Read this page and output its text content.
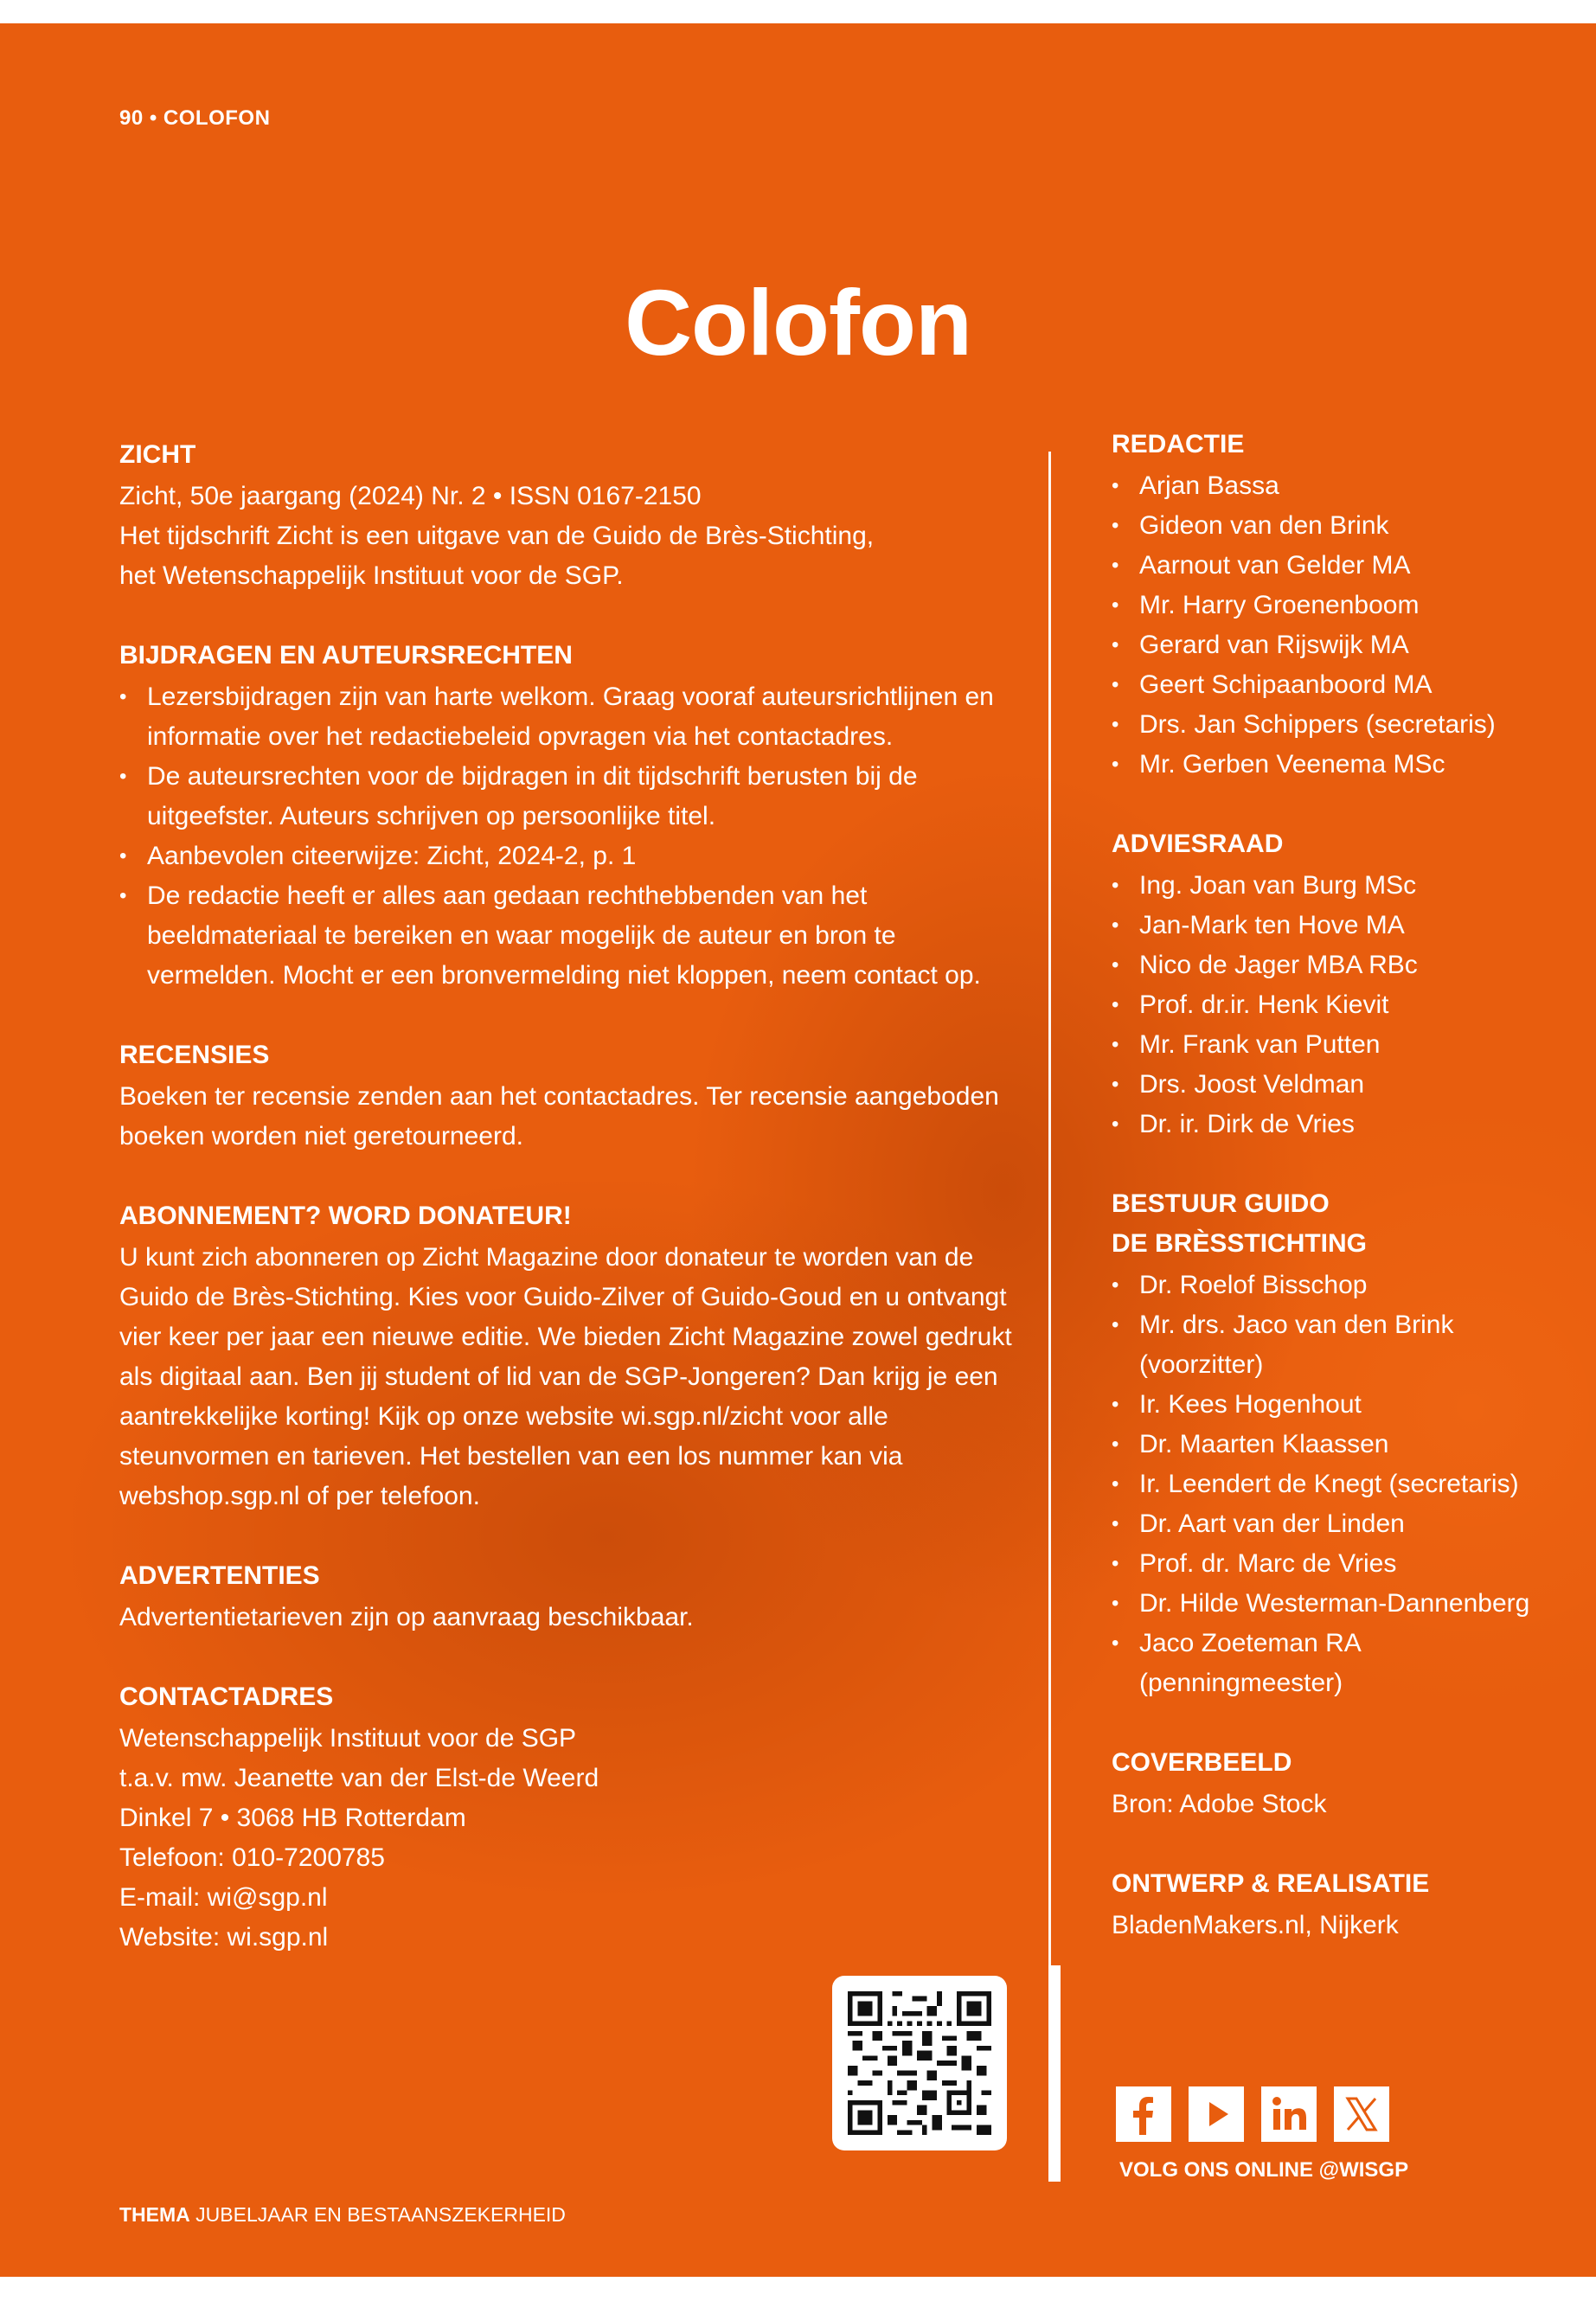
90 • COLOFON
Colofon
ZICHT

Zicht, 50e jaargang (2024) Nr. 2 • ISSN 0167-2150

Het tijdschrift Zicht is een uitgave van de Guido de Brès-Stichting,

het Wetenschappelijk Instituut voor de SGP.

BIJDRAGEN EN AUTEURSRECHTEN
• Lezersbijdragen zijn van harte welkom. Graag vooraf auteursrichtlijnen en informatie over het redactiebeleid opvragen via het contactadres.
• De auteursrechten voor de bijdragen in dit tijdschrift berusten bij de uitgeefster. Auteurs schrijven op persoonlijke titel.
• Aanbevolen citeerwijze: Zicht, 2024-2, p. 1
• De redactie heeft er alles aan gedaan rechthebbenden van het beeldmateriaal te bereiken en waar mogelijk de auteur en bron te vermelden. Mocht er een bronvermelding niet kloppen, neem contact op.
RECENSIES

Boeken ter recensie zenden aan het contactadres. Ter recensie aangeboden boeken worden niet geretourneerd.

ABONNEMENT? WORD DONATEUR!

U kunt zich abonneren op Zicht Magazine door donateur te worden van de Guido de Brès-Stichting. Kies voor Guido-Zilver of Guido-Goud en u ontvangt vier keer per jaar een nieuwe editie. We bieden Zicht Magazine zowel gedrukt als digitaal aan. Ben jij student of lid van de SGP-Jongeren? Dan krijg je een aantrekkelijke korting! Kijk op onze website wi.sgp.nl/zicht voor alle steunvormen en tarieven. Het bestellen van een los nummer kan via webshop.sgp.nl of per telefoon.

ADVERTENTIES

Advertentietarieven zijn op aanvraag beschikbaar.

CONTACTADRES

Wetenschappelijk Instituut voor de SGP

t.a.v. mw. Jeanette van der Elst-de Weerd

Dinkel 7 • 3068 HB Rotterdam

Telefoon: 010-7200785

E-mail: wi@sgp.nl

Website: wi.sgp.nl

REDACTIE
• Arjan Bassa
• Gideon van den Brink
• Aarnout van Gelder MA
• Mr. Harry Groenenboom
• Gerard van Rijswijk MA
• Geert Schipaanboord MA
• Drs. Jan Schippers (secretaris)
• Mr. Gerben Veenema MSc
ADVIESRAAD
• Ing. Joan van Burg MSc
• Jan-Mark ten Hove MA
• Nico de Jager MBA RBc
• Prof. dr.ir. Henk Kievit
• Mr. Frank van Putten
• Drs. Joost Veldman
• Dr. ir. Dirk de Vries
BESTUUR GUIDO
DE BRÈSSTICHTING
• Dr. Roelof Bisschop
• Mr. drs. Jaco van den Brink (voorzitter)
• Ir. Kees Hogenhout
• Dr. Maarten Klaassen
• Ir. Leendert de Knegt (secretaris)
• Dr. Aart van der Linden
• Prof. dr. Marc de Vries
• Dr. Hilde Westerman-Dannenberg
• Jaco Zoeteman RA (penningmeester)
COVERBEELD

Bron: Adobe Stock

ONTWERP & REALISATIE

BladenMakers.nl, Nijkerk

VOLG ONS ONLINE @WISGP
THEMA JUBELJAAR EN BESTAANSZEKERHEID
